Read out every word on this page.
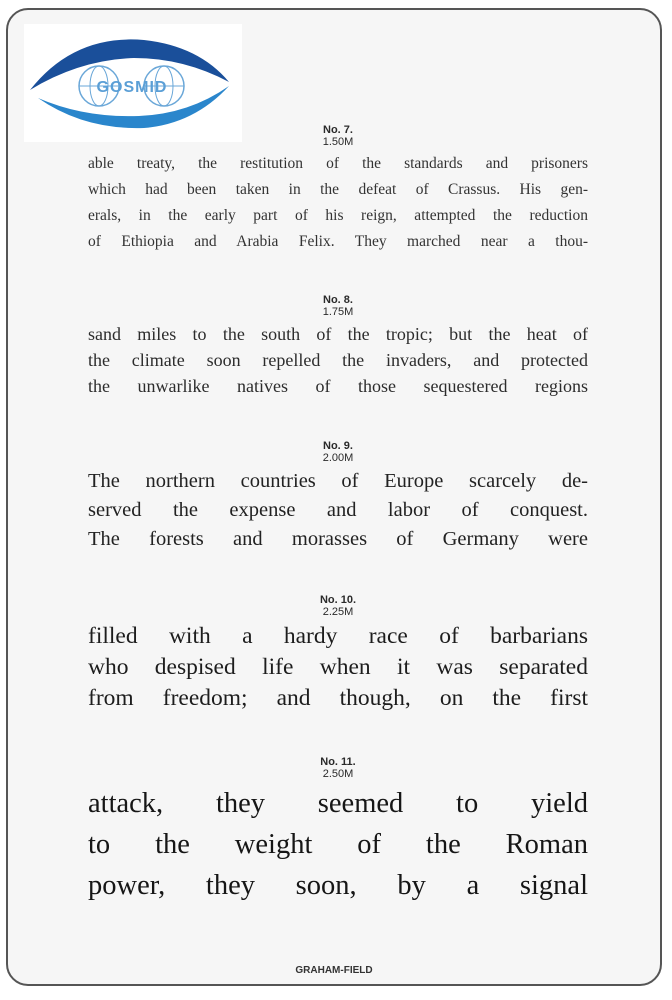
GOSMID
No. 7.
1.50M
able treaty, the restitution of the standards and prisoners
which had been taken in the defeat of Crassus. His gen-
erals, in the early part of his reign, attempted the reduction
of Ethiopia and Arabia Felix. They marched near a thou-
No. 8.
1.75M
sand miles to the south of the tropic; but the heat of
the climate soon repelled the invaders, and protected
the unwarlike natives of those sequestered regions
No. 9.
2.00M
The northern countries of Europe scarcely de-
served the expense and labor of conquest.
The forests and morasses of Germany were
No. 10.
2.25M
filled with a hardy race of barbarians
who despised life when it was separated
from freedom; and though, on the first
No. 11.
2.50M
attack, they seemed to yield
to the weight of the Roman
power, they soon, by a signal
GRAHAM-FIELD
